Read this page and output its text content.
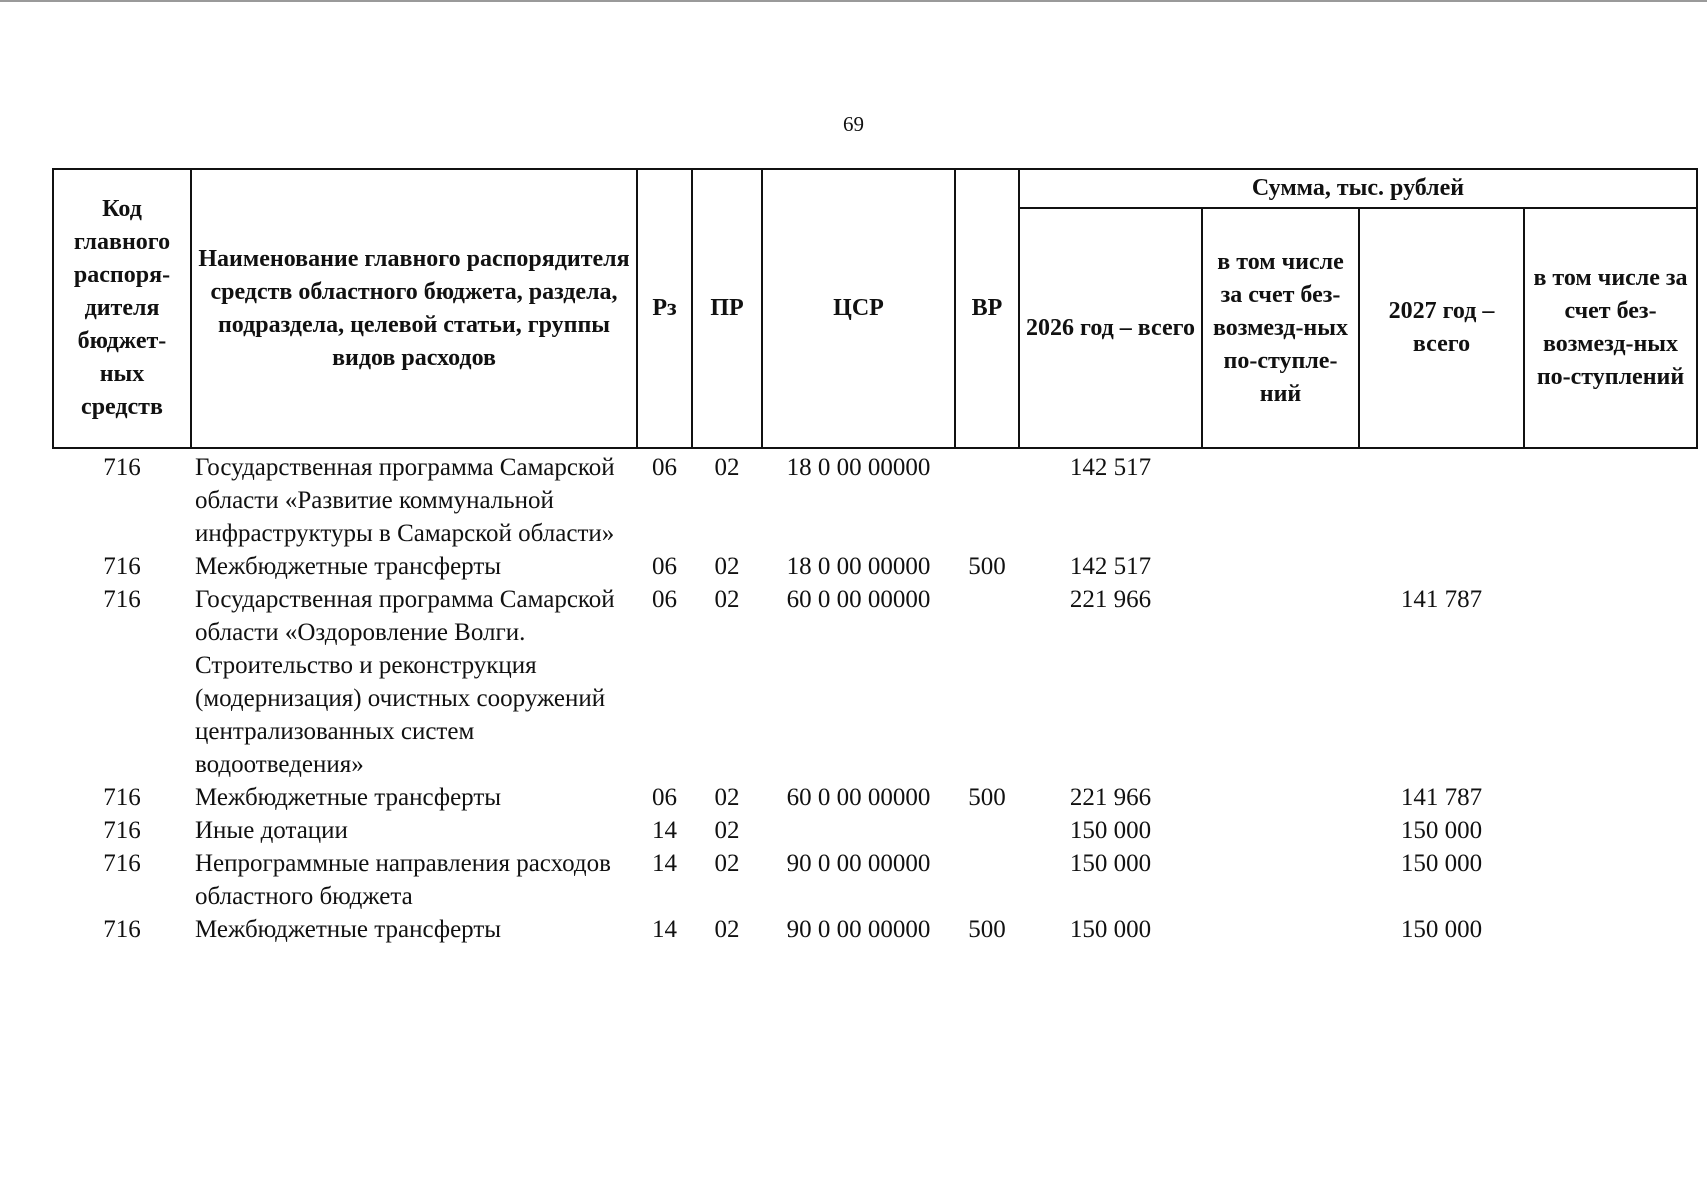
69
Код главного распоря-дителя бюджет-ных средств	Наименование главного распорядителя средств областного бюджета, раздела, подраздела, целевой статьи, группы видов расходов	Рз	ПР	ЦСР	ВР	Сумма, тыс. рублей			
						2026 год – всего	в том числе за счет без-возмезд-ных по-ступле-ний	2027 год – всего	в том числе за счет без-возмезд-ных по-ступлений
716	Государственная программа Самарской области «Развитие коммунальной инфраструктуры в Самарской области»	06	02	18 0 00 00000		142 517			
716	Межбюджетные трансферты	06	02	18 0 00 00000	500	142 517			
716	Государственная программа Самарской области «Оздоровление Волги. Строительство и реконструкция (модернизация) очистных сооружений централизованных систем водоотведения»	06	02	60 0 00 00000		221 966		141 787	
716	Межбюджетные трансферты	06	02	60 0 00 00000	500	221 966		141 787	
716	Иные дотации	14	02			150 000		150 000	
716	Непрограммные направления расходов областного бюджета	14	02	90 0 00 00000		150 000		150 000	
716	Межбюджетные трансферты	14	02	90 0 00 00000	500	150 000		150 000	
